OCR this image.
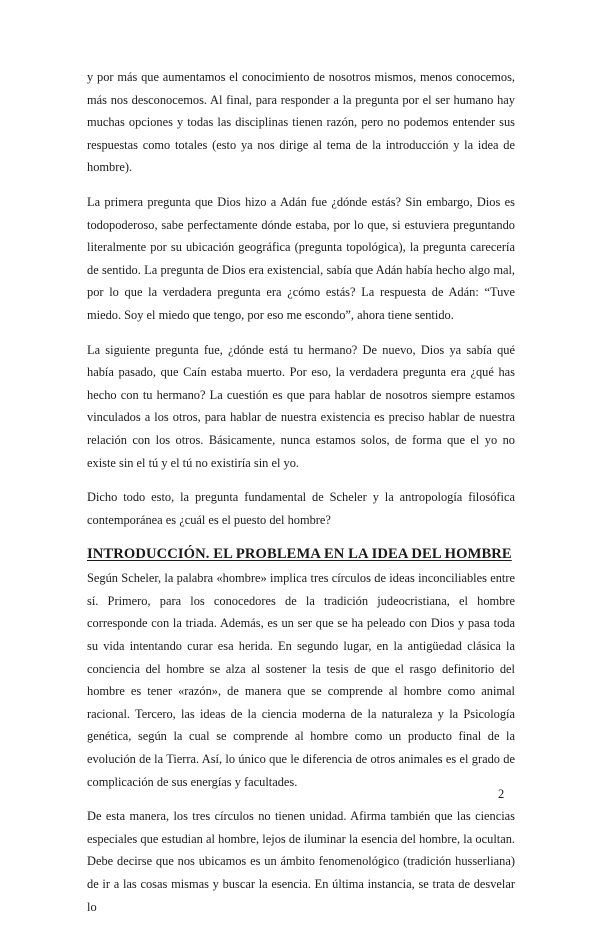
y por más que aumentamos el conocimiento de nosotros mismos, menos conocemos, más nos desconocemos. Al final, para responder a la pregunta por el ser humano hay muchas opciones y todas las disciplinas tienen razón, pero no podemos entender sus respuestas como totales (esto ya nos dirige al tema de la introducción y la idea de hombre).

La primera pregunta que Dios hizo a Adán fue ¿dónde estás? Sin embargo, Dios es todopoderoso, sabe perfectamente dónde estaba, por lo que, si estuviera preguntando literalmente por su ubicación geográfica (pregunta topológica), la pregunta carecería de sentido. La pregunta de Dios era existencial, sabía que Adán había hecho algo mal, por lo que la verdadera pregunta era ¿cómo estás? La respuesta de Adán: “Tuve miedo. Soy el miedo que tengo, por eso me escondo”, ahora tiene sentido.

La siguiente pregunta fue, ¿dónde está tu hermano? De nuevo, Dios ya sabía qué había pasado, que Caín estaba muerto. Por eso, la verdadera pregunta era ¿qué has hecho con tu hermano? La cuestión es que para hablar de nosotros siempre estamos vinculados a los otros, para hablar de nuestra existencia es preciso hablar de nuestra relación con los otros. Básicamente, nunca estamos solos, de forma que el yo no existe sin el tú y el tú no existiría sin el yo.

Dicho todo esto, la pregunta fundamental de Scheler y la antropología filosófica contemporánea es ¿cuál es el puesto del hombre?

INTRODUCCIÓN. EL PROBLEMA EN LA IDEA DEL HOMBRE

Según Scheler, la palabra «hombre» implica tres círculos de ideas inconciliables entre sí. Primero, para los conocedores de la tradición judeocristiana, el hombre corresponde con la triada. Además, es un ser que se ha peleado con Dios y pasa toda su vida intentando curar esa herida. En segundo lugar, en la antigüedad clásica la conciencia del hombre se alza al sostener la tesis de que el rasgo definitorio del hombre es tener «razón», de manera que se comprende al hombre como animal racional. Tercero, las ideas de la ciencia moderna de la naturaleza y la Psicología genética, según la cual se comprende al hombre como un producto final de la evolución de la Tierra. Así, lo único que le diferencia de otros animales es el grado de complicación de sus energías y facultades.

De esta manera, los tres círculos no tienen unidad. Afirma también que las ciencias especiales que estudian al hombre, lejos de iluminar la esencia del hombre, la ocultan. Debe decirse que nos ubicamos es un ámbito fenomenológico (tradición husserliana) de ir a las cosas mismas y buscar la esencia. En última instancia, se trata de desvelar lo

2
